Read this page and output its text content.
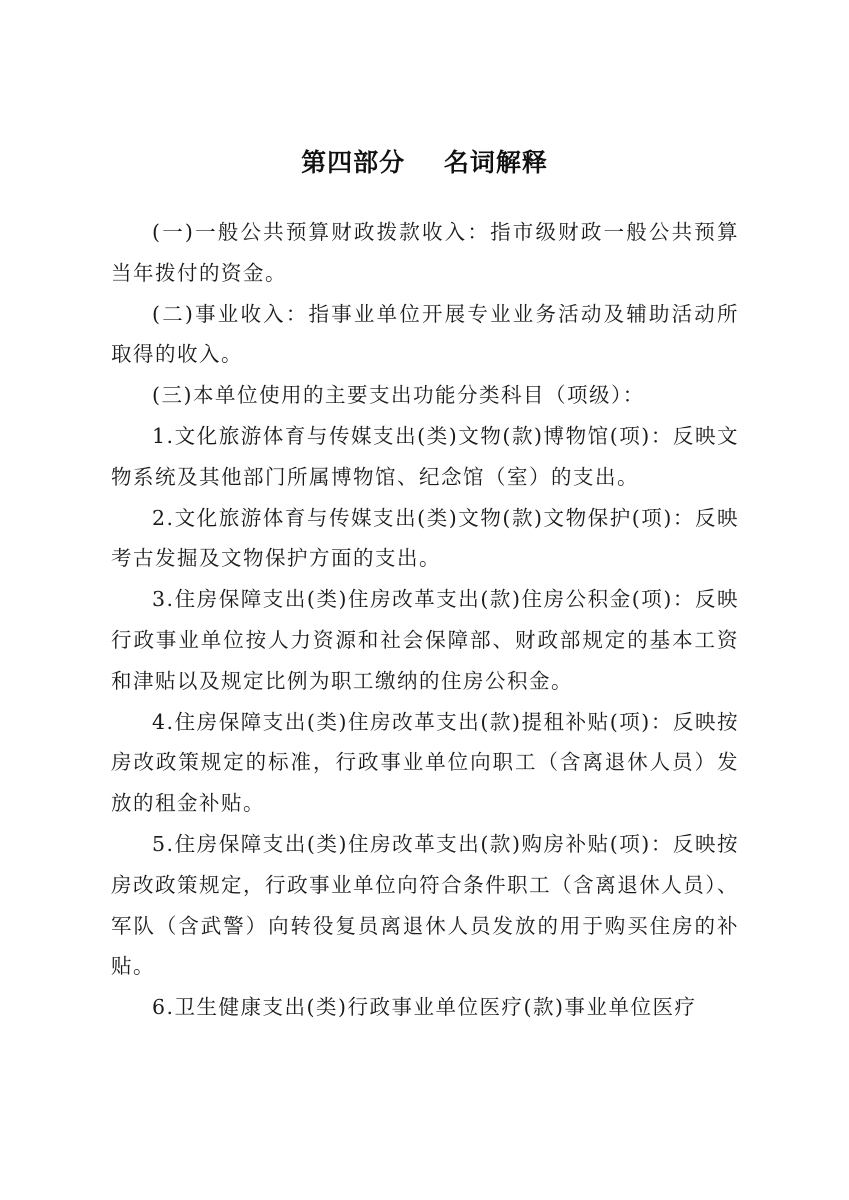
第四部分    名词解释

(一)一般公共预算财政拨款收入：指市级财政一般公共预算当年拨付的资金。

(二)事业收入：指事业单位开展专业业务活动及辅助活动所取得的收入。

(三)本单位使用的主要支出功能分类科目（项级）：

1.文化旅游体育与传媒支出(类)文物(款)博物馆(项)：反映文物系统及其他部门所属博物馆、纪念馆（室）的支出。

2.文化旅游体育与传媒支出(类)文物(款)文物保护(项)：反映考古发掘及文物保护方面的支出。

3.住房保障支出(类)住房改革支出(款)住房公积金(项)：反映行政事业单位按人力资源和社会保障部、财政部规定的基本工资和津贴以及规定比例为职工缴纳的住房公积金。

4.住房保障支出(类)住房改革支出(款)提租补贴(项)：反映按房改政策规定的标准，行政事业单位向职工（含离退休人员）发放的租金补贴。

5.住房保障支出(类)住房改革支出(款)购房补贴(项)：反映按房改政策规定，行政事业单位向符合条件职工（含离退休人员）、军队（含武警）向转役复员离退休人员发放的用于购买住房的补贴。

6.卫生健康支出(类)行政事业单位医疗(款)事业单位医疗
